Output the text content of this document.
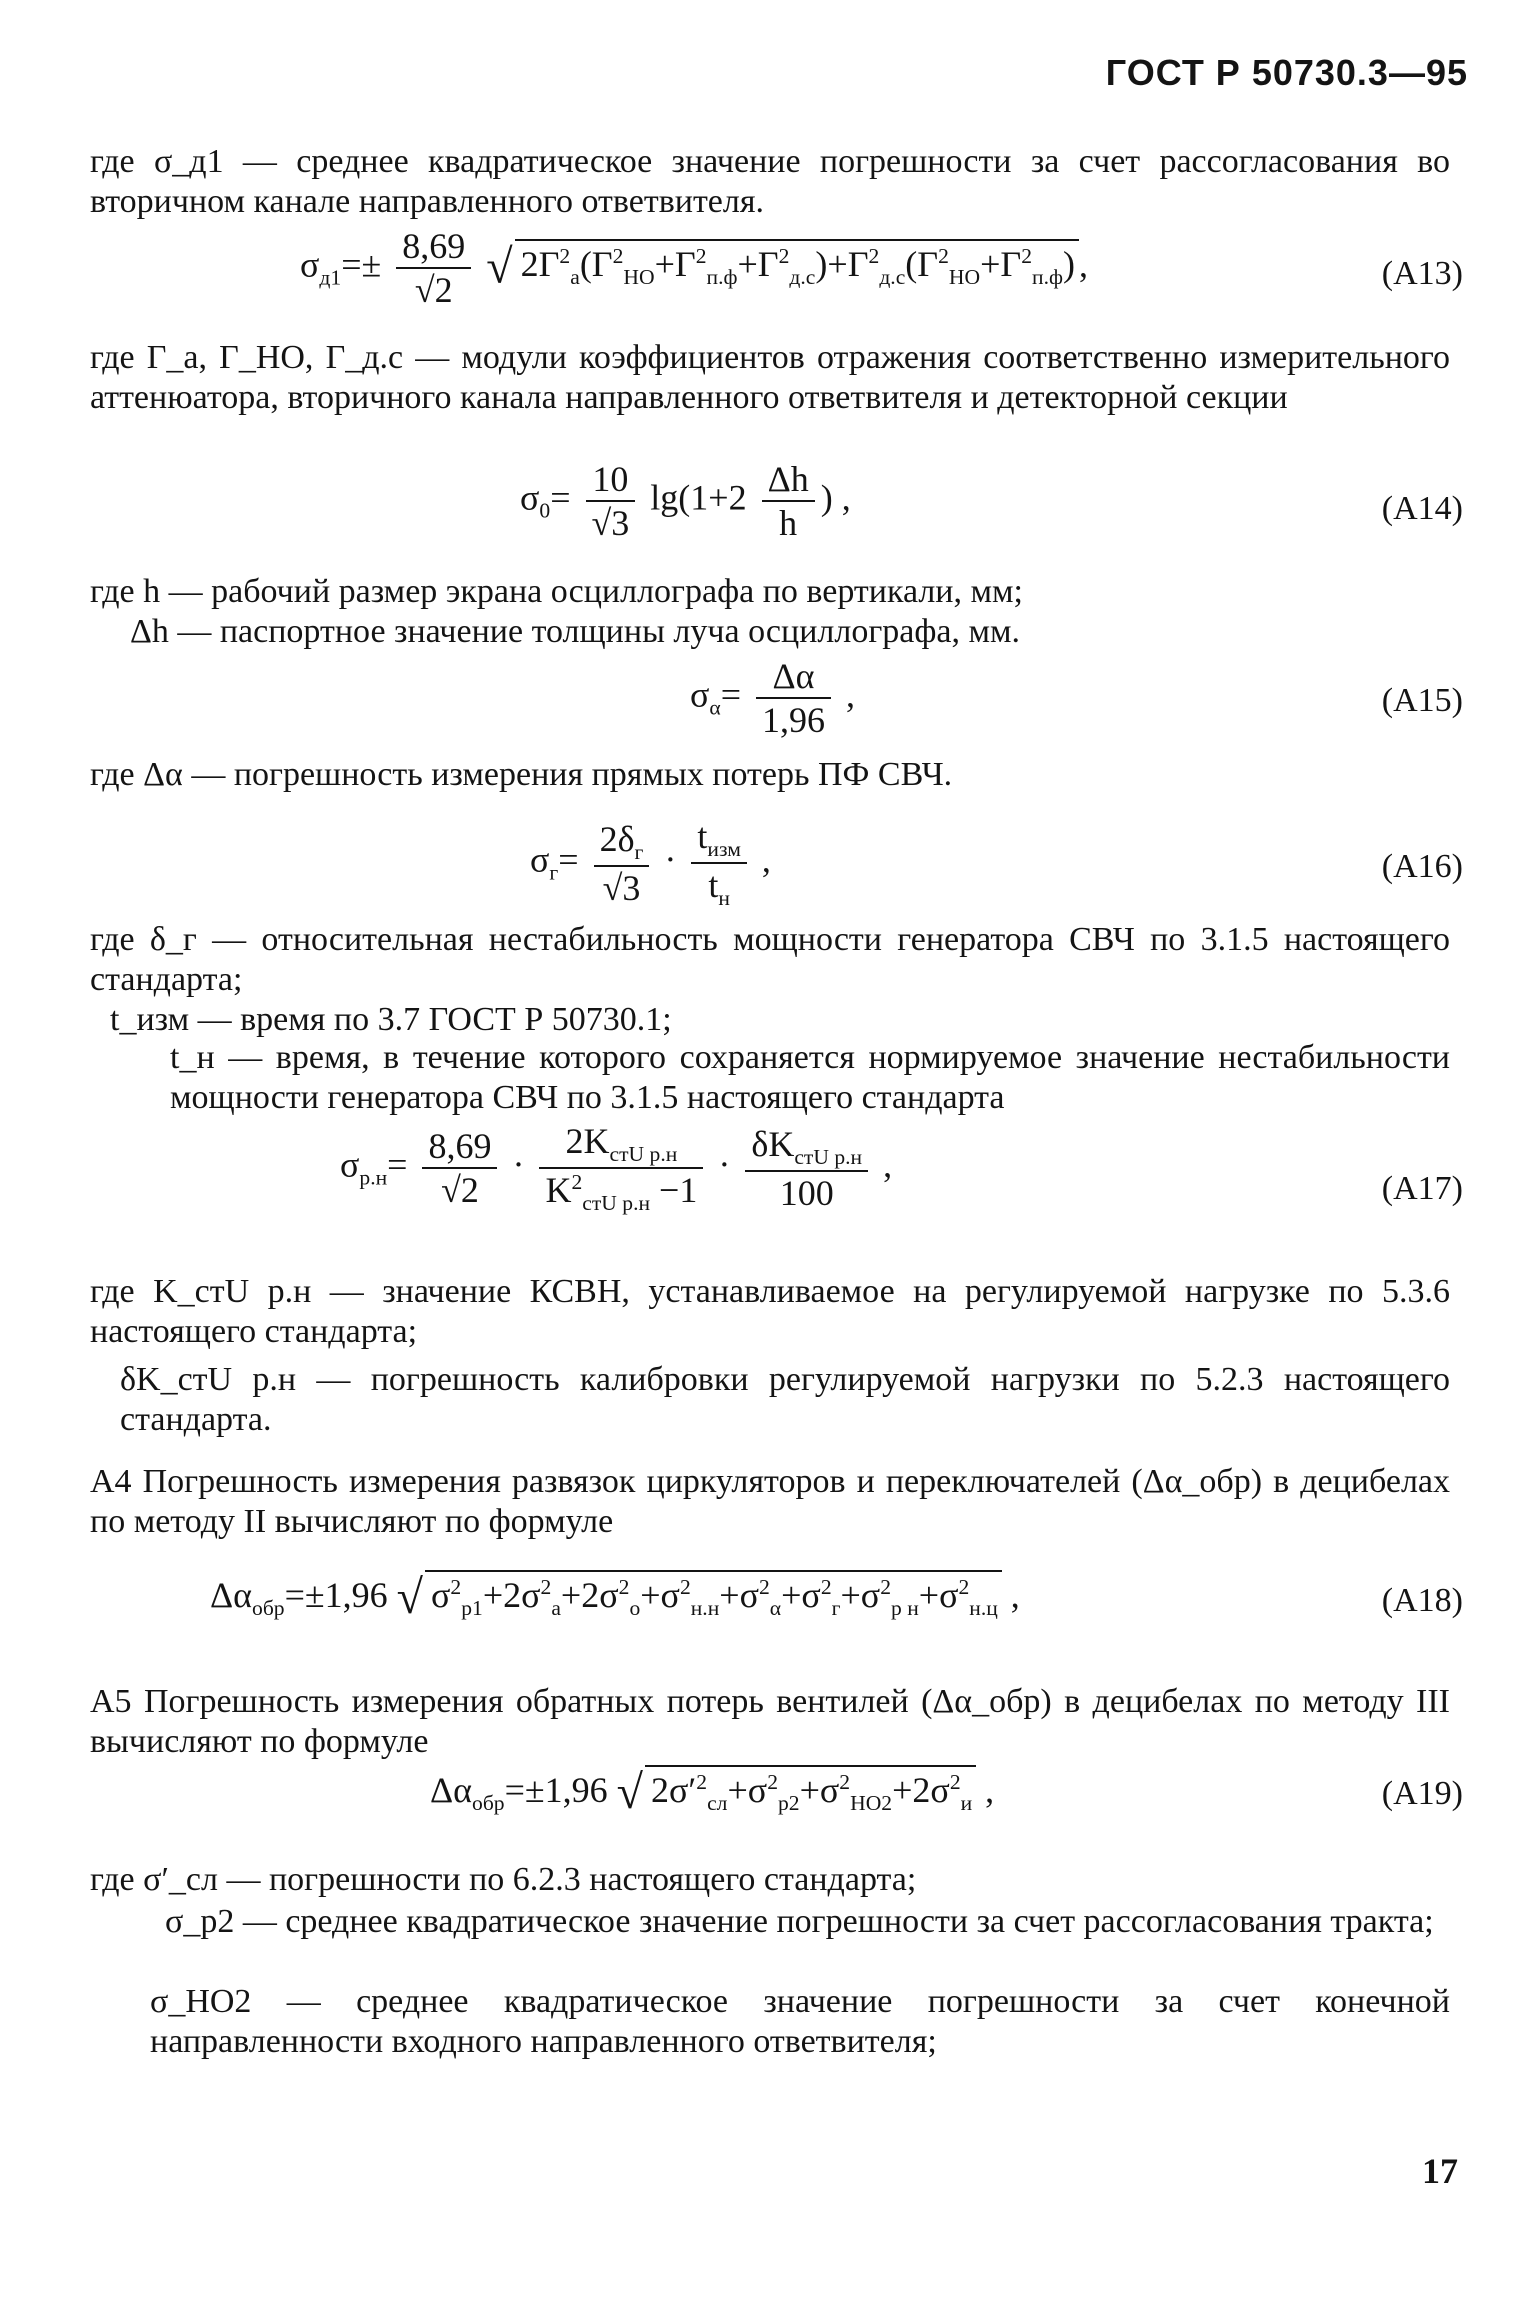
ГОСТ Р 50730.3—95
где σ_д1 — среднее квадратическое значение погрешности за счет рассогласования во вторичном канале направленного ответвителя.
$\sigma_{д1}=\pm \frac{8,69}{√2}$ √ $2Г^2_а(Г^2_{НО}+Г^2_{п.ф}+Г^2_{д.с})+Г^2_{д.с}(Г^2_{НО}+Г^2_{п.ф})$ ,	(А13)
где Г_а, Г_НО, Г_д.с — модули коэффициентов отражения соответственно измерительного аттенюатора, вторичного канала направленного ответвителя и детекторной секции
$\sigma_0= \frac{10}{√3} \lg(1+2 \frac{\Delta h}{h}$ ) ,	(А14)
где h — рабочий размер экрана осциллографа по вертикали, мм;
Δh — паспортное значение толщины луча осциллографа, мм.
$\sigma_\alpha= \frac{\Delta\alpha}{1,96}$ ,	(А15)
где Δα — погрешность измерения прямых потерь ПФ СВЧ.
$\sigma_г= \frac{2\delta_г}{√3} \cdot \frac{t_{изм}}{t_н}$ ,	(А16)
где δ_г — относительная нестабильность мощности генератора СВЧ по 3.1.5 настоящего стандарта;
t_изм — время по 3.7 ГОСТ Р 50730.1;
t_н — время, в течение которого сохраняется нормируемое значение нестабильности мощности генератора СВЧ по 3.1.5 настоящего стандарта
$\sigma_{р.н}= \frac{8,69}{√2} \cdot \frac{2K_{стU р.н}}{K^2_{стU р.н} -1} \cdot \frac{\delta K_{стU р.н}}{100}$ ,
(А17)
где K_стU р.н — значение КСВН, устанавливаемое на регулируемой нагрузке по 5.3.6 настоящего стандарта;
δK_стU р.н — погрешность калибровки регулируемой нагрузки по 5.2.3 настоящего стандарта.
А4 Погрешность измерения развязок циркуляторов и переключателей (Δα_обр) в децибелах по методу II вычисляют по формуле
$\Delta\alpha_{обр}=\pm 1,96$ √ $\sigma^2_{р1}+2\sigma^2_а+2\sigma^2_о+\sigma^2_{н.н}+\sigma^2_\alpha+\sigma^2_г+\sigma^2_{р н}+\sigma^2_{н.ц}$ ,	(А18)
А5 Погрешность измерения обратных потерь вентилей (Δα_обр) в децибелах по методу III вычисляют по формуле
$\Delta\alpha_{обр}=\pm 1,96$ √ $2\sigma'^2_{сл}+\sigma^2_{р2}+\sigma^2_{НО2}+2\sigma^2_и$ ,	(А19)
где σ′_сл — погрешности по 6.2.3 настоящего стандарта;
σ_р2 — среднее квадратическое значение погрешности за счет рассогласования тракта;
σ_НО2 — среднее квадратическое значение погрешности за счет конечной направленности входного направленного ответвителя;
17
